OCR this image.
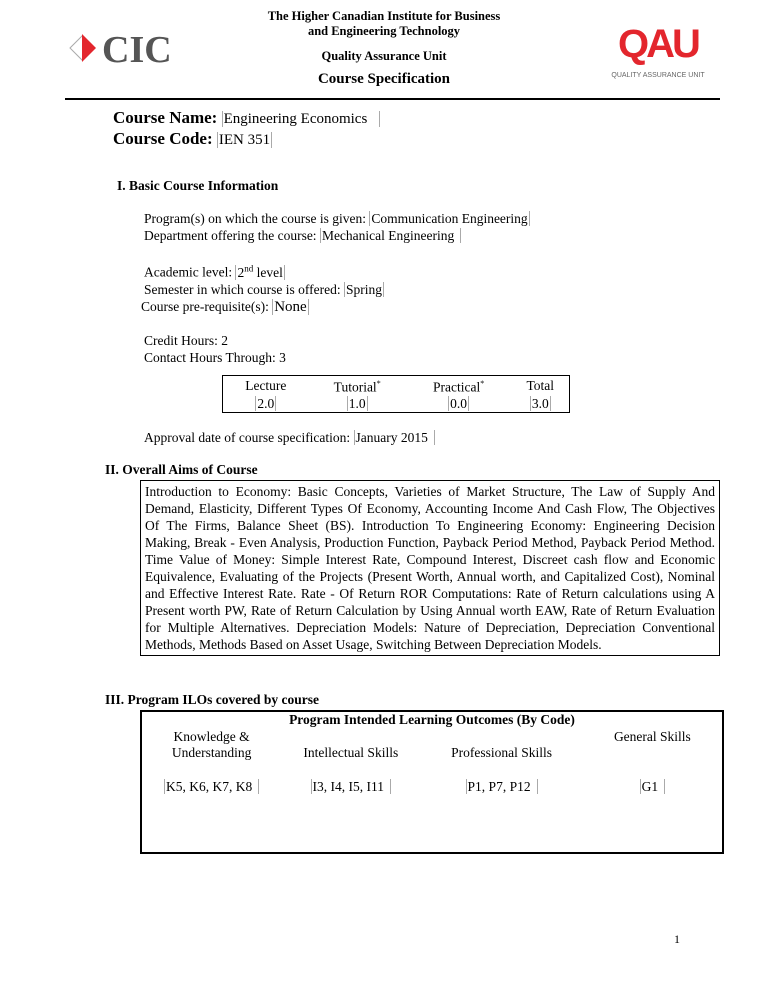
CIC
The Higher Canadian Institute for Business
and Engineering Technology
Quality Assurance Unit
Course Specification
QAU
QUALITY ASSURANCE UNIT
Course Name: Engineering Economics
Course Code: IEN 351
I. Basic Course Information
Program(s) on which the course is given: Communication Engineering
Department offering the course: Mechanical Engineering
Academic level: 2nd level
Semester in which course is offered: Spring
Course pre-requisite(s): None
Credit Hours: 2
Contact Hours Through: 3
Lecture	Tutorial*	Practical*	Total
2.0	1.0	0.0	3.0
Approval date of course specification: January 2015
II. Overall Aims of Course
Introduction to Economy: Basic Concepts, Varieties of Market Structure, The Law of Supply And Demand, Elasticity, Different Types Of Economy, Accounting Income And Cash Flow, The Objectives Of The Firms, Balance Sheet (BS). Introduction To Engineering Economy: Engineering Decision Making, Break - Even Analysis, Production Function, Payback Period Method, Payback Period Method. Time Value of Money: Simple Interest Rate, Compound Interest, Discreet cash flow and Economic Equivalence, Evaluating of the Projects (Present Worth, Annual worth, and Capitalized Cost), Nominal and Effective Interest Rate. Rate - Of Return ROR Computations: Rate of Return calculations using A Present worth PW, Rate of Return Calculation by Using Annual worth EAW, Rate of Return Evaluation for Multiple Alternatives. Depreciation Models: Nature of Depreciation, Depreciation Conventional Methods, Methods Based on Asset Usage, Switching Between Depreciation Models.
III. Program ILOs covered by course
Program Intended Learning Outcomes (By Code)
Knowledge & Understanding	Intellectual Skills	Professional Skills	General Skills
K5, K6, K7, K8	I3, I4, I5, I11	P1, P7, P12	G1
1
